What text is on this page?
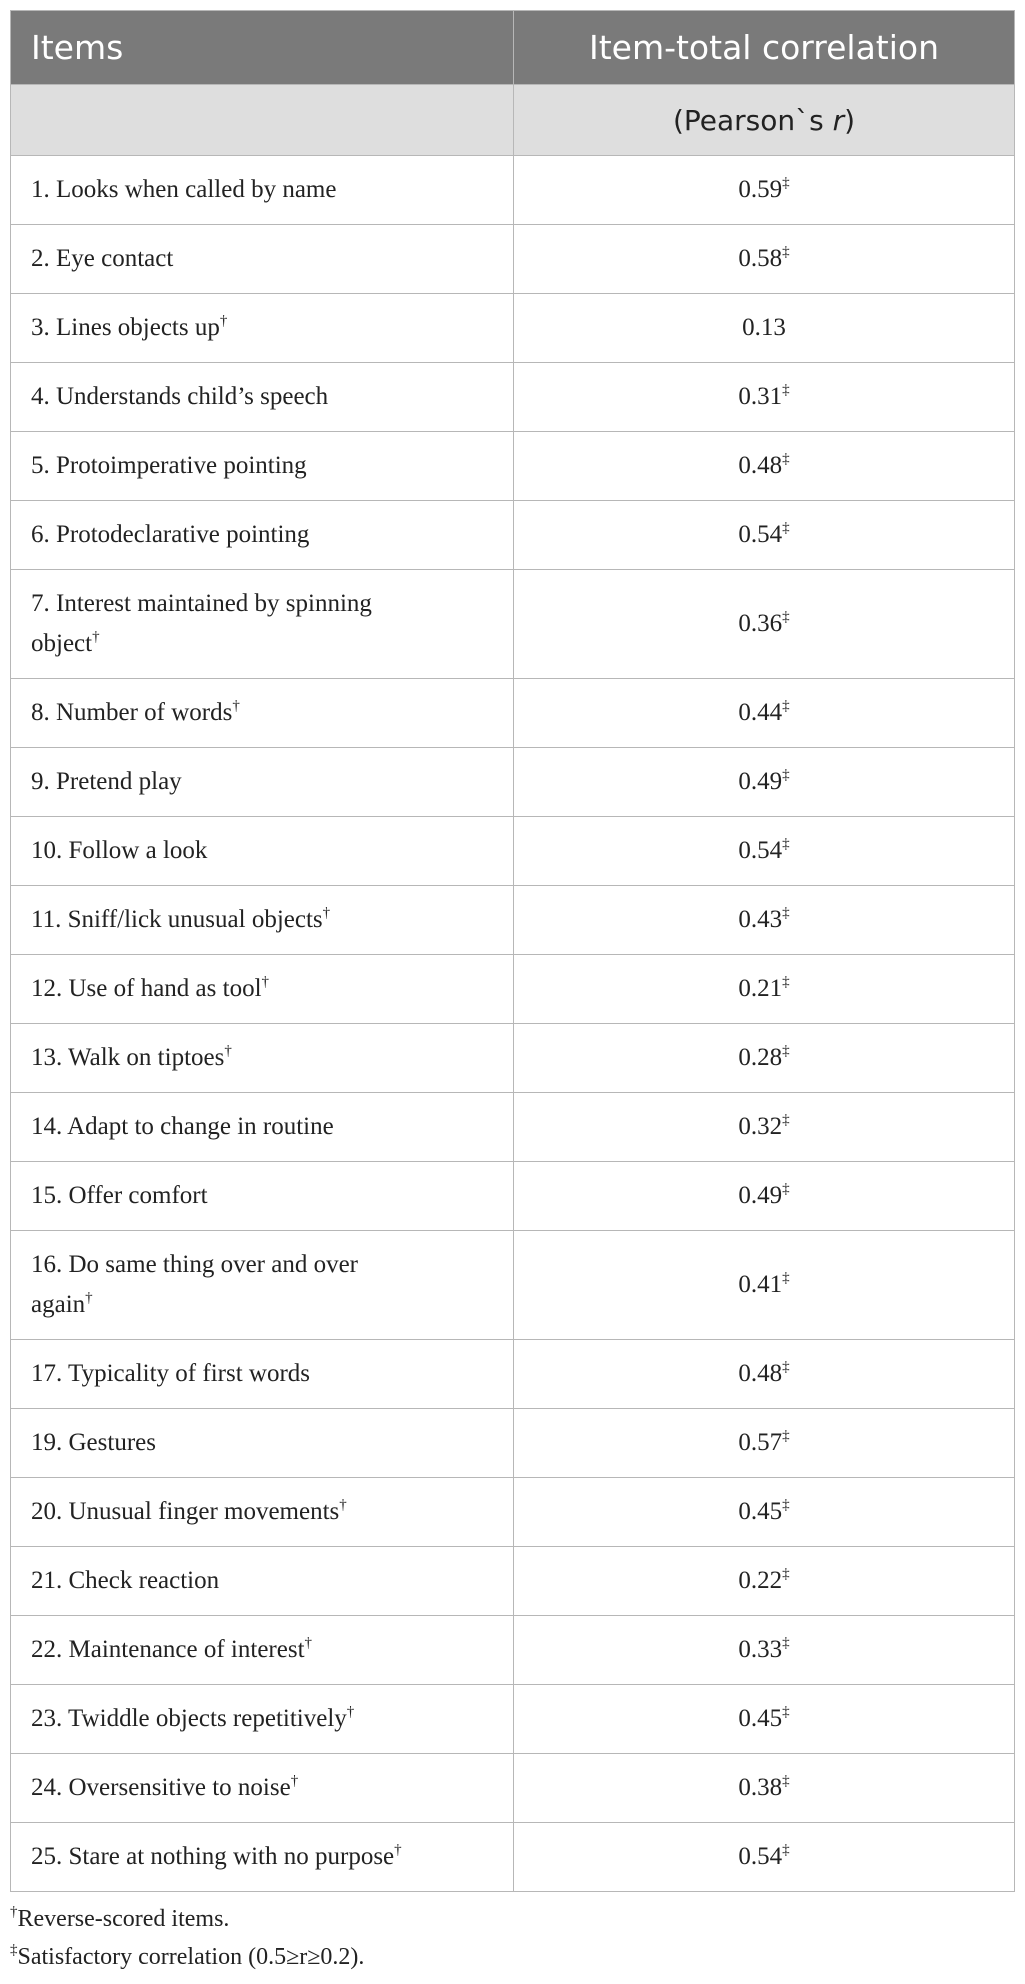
Items	Item-total correlation
	(Pearson`s r)
1. Looks when called by name	0.59‡
2. Eye contact	0.58‡
3. Lines objects up†	0.13
4. Understands child’s speech	0.31‡
5. Protoimperative pointing	0.48‡
6. Protodeclarative pointing	0.54‡
7. Interest maintained by spinning object†	0.36‡
8. Number of words†	0.44‡
9. Pretend play	0.49‡
10. Follow a look	0.54‡
11. Sniff/lick unusual objects†	0.43‡
12. Use of hand as tool†	0.21‡
13. Walk on tiptoes†	0.28‡
14. Adapt to change in routine	0.32‡
15. Offer comfort	0.49‡
16. Do same thing over and over again†	0.41‡
17. Typicality of first words	0.48‡
19. Gestures	0.57‡
20. Unusual finger movements†	0.45‡
21. Check reaction	0.22‡
22. Maintenance of interest†	0.33‡
23. Twiddle objects repetitively†	0.45‡
24. Oversensitive to noise†	0.38‡
25. Stare at nothing with no purpose†	0.54‡
†Reverse-scored items.
‡Satisfactory correlation (0.5≥r≥0.2).
